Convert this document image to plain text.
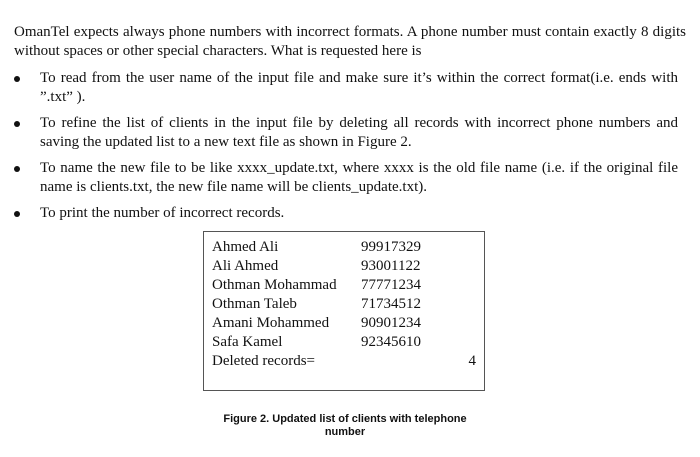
OmanTel expects always phone numbers with incorrect formats. A phone number must contain exactly 8 digits without spaces or other special characters. What is requested here is

To read from the user name of the input file and make sure it’s within the correct format(i.e. ends with ”.txt” ).
To refine the list of clients in the input file by deleting all records with incorrect phone numbers and saving the updated list to a new text file as shown in Figure 2.
To name the new file to be like xxxx_update.txt, where xxxx is the old file name (i.e. if the original file name is clients.txt, the new file name will be clients_update.txt).
To print the number of incorrect records.
Ahmed Ali	99917329
Ali Ahmed	93001122
Othman Mohammad 77771234
Othman Taleb	71734512
Amani Mohammed 90901234
Safa Kamel	92345610
Deleted records=	4
Figure 2. Updated list of clients with telephone
number
